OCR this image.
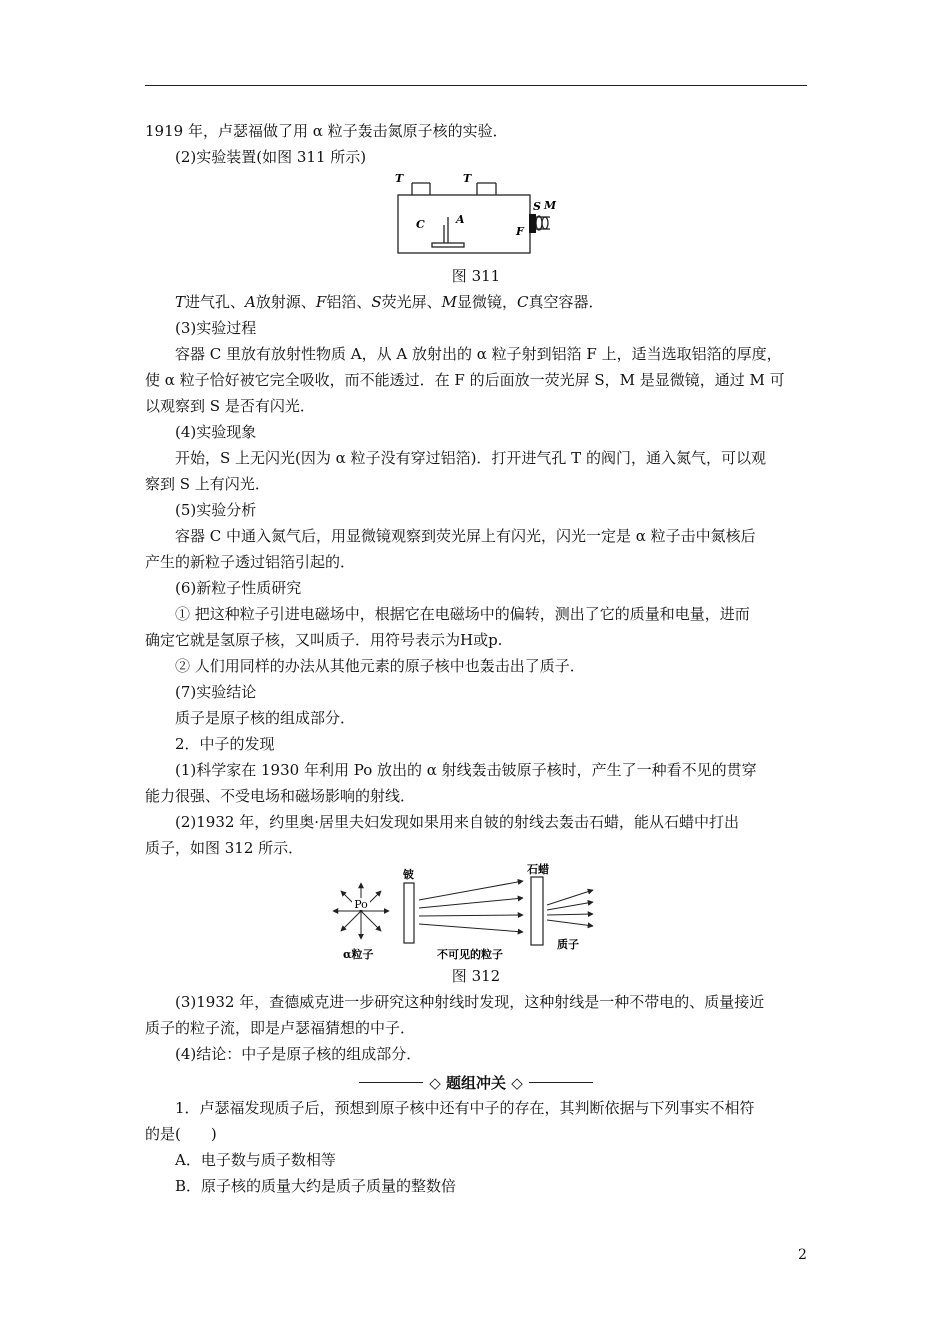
1919 年，卢瑟福做了用 α 粒子轰击氮原子核的实验．

(2)实验装置(如图 311 所示)

T	T
C	A
F
S M

图 311

T进气孔、A放射源、F铝箔、S荧光屏、M显微镜，C真空容器．

(3)实验过程

容器 C 里放有放射性物质 A，从 A 放射出的 α 粒子射到铝箔 F 上，适当选取铝箔的厚度，

使 α 粒子恰好被它完全吸收，而不能透过．在 F 的后面放一荧光屏 S，M 是显微镜，通过 M 可

以观察到 S 是否有闪光．

(4)实验现象

开始，S 上无闪光(因为 α 粒子没有穿过铝箔)．打开进气孔 T 的阀门，通入氮气，可以观

察到 S 上有闪光．

(5)实验分析

容器 C 中通入氮气后，用显微镜观察到荧光屏上有闪光，闪光一定是 α 粒子击中氮核后

产生的新粒子透过铝箔引起的．

(6)新粒子性质研究

① 把这种粒子引进电磁场中，根据它在电磁场中的偏转，测出了它的质量和电量，进而

确定它就是氢原子核，又叫质子．用符号表示为H或p.

② 人们用同样的办法从其他元素的原子核中也轰击出了质子．

(7)实验结论

质子是原子核的组成部分．

2．中子的发现

(1)科学家在 1930 年利用 Po 放出的 α 射线轰击铍原子核时，产生了一种看不见的贯穿

能力很强、不受电场和磁场影响的射线．

(2)1932 年，约里奥·居里夫妇发现如果用来自铍的射线去轰击石蜡，能从石蜡中打出

质子，如图 312 所示．

Po
铍	石蜡
α粒子	不可见的粒子
质子

图 312

(3)1932 年，查德威克进一步研究这种射线时发现，这种射线是一种不带电的、质量接近

质子的粒子流，即是卢瑟福猜想的中子．

(4)结论：中子是原子核的组成部分．

◇ 题组冲关 ◇

1．卢瑟福发现质子后，预想到原子核中还有中子的存在，其判断依据与下列事实不相符

的是(　　)

A．电子数与质子数相等

B．原子核的质量大约是质子质量的整数倍

2
